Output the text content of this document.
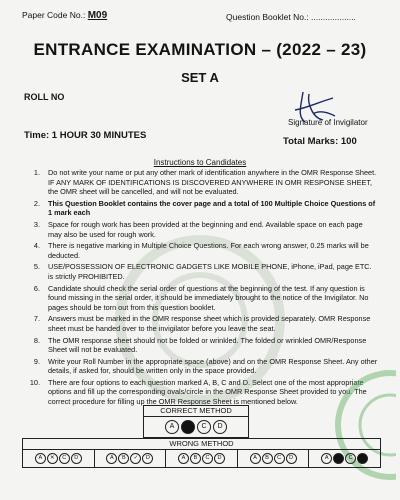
Paper Code No.: M09	Question Booklet No.: ...................
ENTRANCE EXAMINATION – (2022 – 23)
SET A
ROLL NO
Signature of Invigilator
Time: 1 HOUR 30 MINUTES
Total Marks: 100
Instructions to Candidates
1.	Do not write your name or put any other mark of identification anywhere in the OMR Response Sheet. IF ANY MARK OF IDENTIFICATIONS IS DISCOVERED ANYWHERE IN OMR RESPONSE SHEET, the OMR sheet will be cancelled, and will not be evaluated.
2.	This Question Booklet contains the cover page and a total of 100 Multiple Choice Questions of 1 mark each
3.	Space for rough work has been provided at the beginning and end. Available space on each page may also be used for rough work.
4.	There is negative marking in Multiple Choice Questions. For each wrong answer, 0.25 marks will be deducted.
5.	USE/POSSESSION OF ELECTRONIC GADGETS LIKE MOBILE PHONE, iPhone, iPad, page ETC. is strictly PROHIBITED.
6.	Candidate should check the serial order of questions at the beginning of the test. If any question is found missing in the serial order, it should be immediately brought to the notice of the Invigilator. No pages should be torn out from this question booklet.
7.	Answers must be marked in the OMR response sheet which is provided separately. OMR Response sheet must be handed over to the invigilator before you leave the seat.
8.	The OMR response sheet should not be folded or wrinkled. The folded or wrinkled OMR/Response Sheet will not be evaluated.
9.	Write your Roll Number in the appropriate space (above) and on the OMR Response Sheet. Any other details, if asked for, should be written only in the space provided.
10.	There are four options to each question marked A, B, C and D. Select one of the most appropriate options and fill up the corresponding ovals/circle in the OMR Response Sheet provided to you. The correct procedure for filling up the OMR Response Sheet is mentioned below.
CORRECT METHOD
A	C	D
WRONG METHOD
A	✕	C	D	A	B	✓	D	A	B	C	D	A	B	C	D	A	C
